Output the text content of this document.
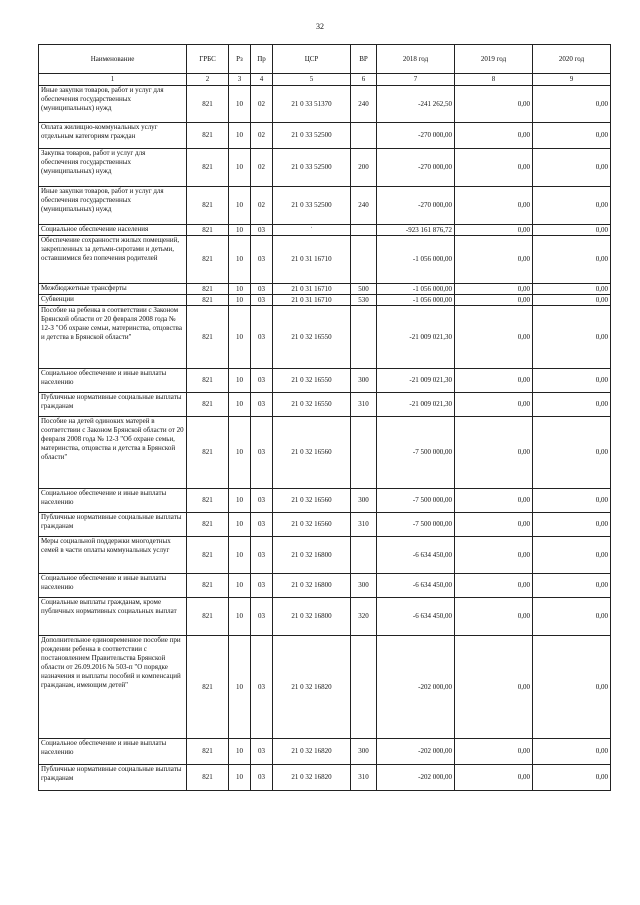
32
Наименование	ГРБС	Рз	Пр	ЦСР	ВР	2018 год	2019 год	2020 год
1	2	3	4	5	6	7	8	9
Иные закупки товаров, работ и услуг для обеспечения государственных (муниципальных) нужд	821	10	02	21 0 33 51370	240	-241 262,50	0,00	0,00
Оплата жилищно-коммунальных услуг отдельным категориям граждан	821	10	02	21 0 33 52500		-270 000,00	0,00	0,00
Закупка товаров, работ и услуг для обеспечения государственных (муниципальных) нужд	821	10	02	21 0 33 52500	200	-270 000,00	0,00	0,00
Иные закупки товаров, работ и услуг для обеспечения государственных (муниципальных) нужд	821	10	02	21 0 33 52500	240	-270 000,00	0,00	0,00
Социальное обеспечение населения	821	10	03	ˈ		-923 161 876,72	0,00	0,00
Обеспечение сохранности жилых помещений, закрепленных за детьми-сиротами и детьми, оставшимися без попечения родителей	821	10	03	21 0 31 16710		-1 056 000,00	0,00	0,00
Межбюджетные трансферты	821	10	03	21 0 31 16710	500	-1 056 000,00	0,00	0,00
Субвенции	821	10	03	21 0 31 16710	530	-1 056 000,00	0,00	0,00
Пособие на ребенка в соответствии с Законом Брянской области от 20 февраля 2008 года № 12-З "Об охране семьи, материнства, отцовства и детства в Брянской области"	821	10	03	21 0 32 16550		-21 009 021,30	0,00	0,00
Социальное обеспечение и иные выплаты населению	821	10	03	21 0 32 16550	300	-21 009 021,30	0,00	0,00
Публичные нормативные социальные выплаты гражданам	821	10	03	21 0 32 16550	310	-21 009 021,30	0,00	0,00
Пособие на детей одиноких матерей в соответствии с Законом Брянской области от 20 февраля 2008 года № 12-З "Об охране семьи, материнства, отцовства и детства в Брянской области"	821	10	03	21 0 32 16560		-7 500 000,00	0,00	0,00
Социальное обеспечение и иные выплаты населению	821	10	03	21 0 32 16560	300	-7 500 000,00	0,00	0,00
Публичные нормативные социальные выплаты гражданам	821	10	03	21 0 32 16560	310	-7 500 000,00	0,00	0,00
Меры социальной поддержки многодетных семей в части оплаты коммунальных услуг	821	10	03	21 0 32 16800		-6 634 450,00	0,00	0,00
Социальное обеспечение и иные выплаты населению	821	10	03	21 0 32 16800	300	-6 634 450,00	0,00	0,00
Социальные выплаты гражданам, кроме публичных нормативных социальных выплат	821	10	03	21 0 32 16800	320	-6 634 450,00	0,00	0,00
Дополнительное единовременное пособие при рождении ребенка в соответствии с постановлением Правительства Брянской области от 26.09.2016 № 503-п "О порядке назначения и выплаты пособий и компенсаций гражданам, имеющим детей"	821	10	03	21 0 32 16820		-202 000,00	0,00	0,00
Социальное обеспечение и иные выплаты населению	821	10	03	21 0 32 16820	300	-202 000,00	0,00	0,00
Публичные нормативные социальные выплаты гражданам	821	10	03	21 0 32 16820	310	-202 000,00	0,00	0,00
